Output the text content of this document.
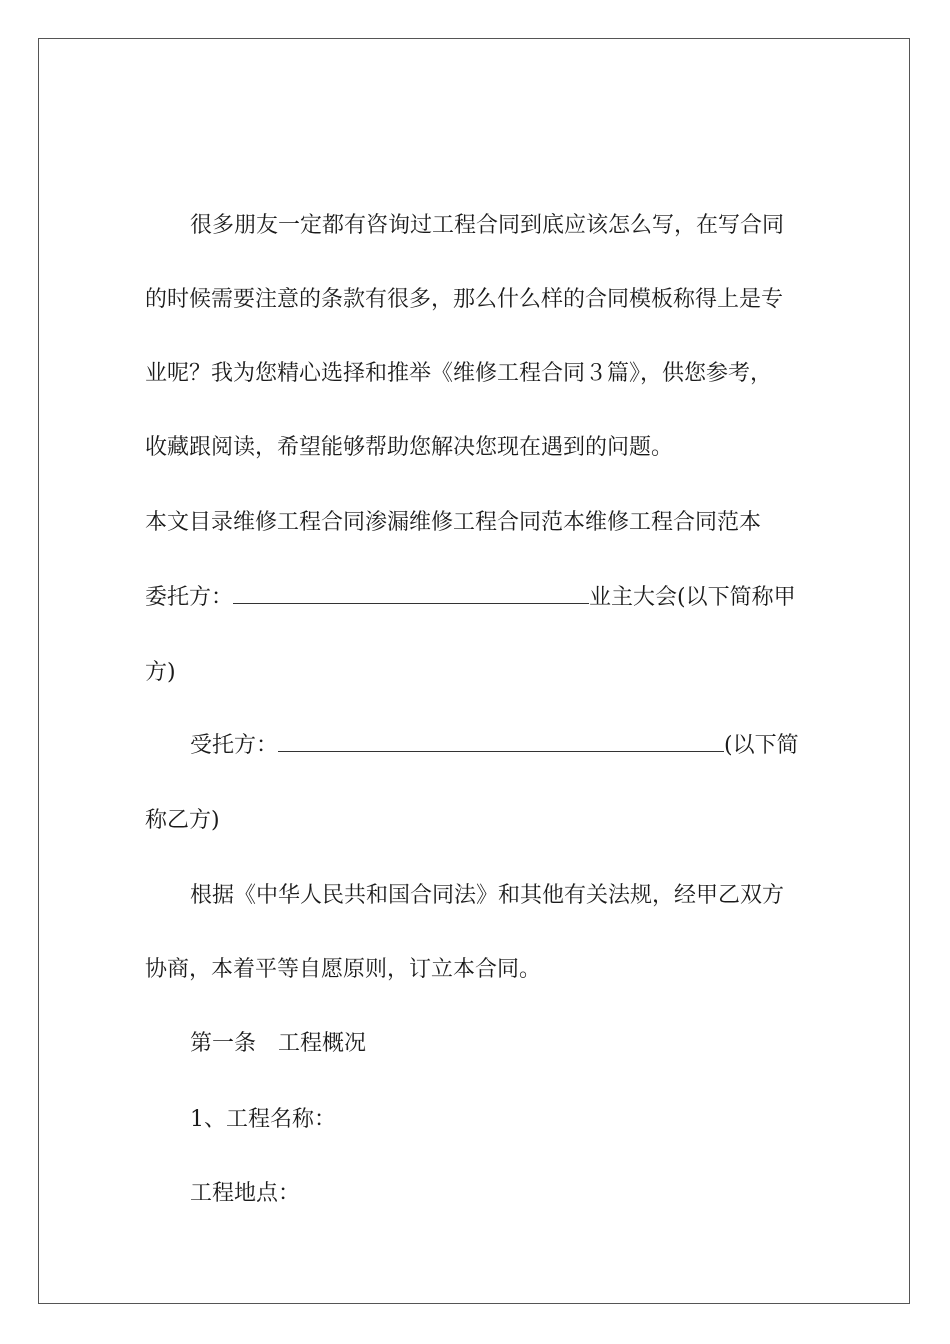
很多朋友一定都有咨询过工程合同到底应该怎么写，在写合同
的时候需要注意的条款有很多，那么什么样的合同模板称得上是专
业呢？我为您精心选择和推举《维修工程合同３篇》，供您参考，
收藏跟阅读，希望能够帮助您解决您现在遇到的问题。
本文目录维修工程合同渗漏维修工程合同范本维修工程合同范本
委托方：	业主大会(以下简称甲
方)
受托方：	(以下简
称乙方)
根据《中华人民共和国合同法》和其他有关法规，经甲乙双方
协商，本着平等自愿原则，订立本合同。
第一条 工程概况
1、工程名称：
工程地点：
